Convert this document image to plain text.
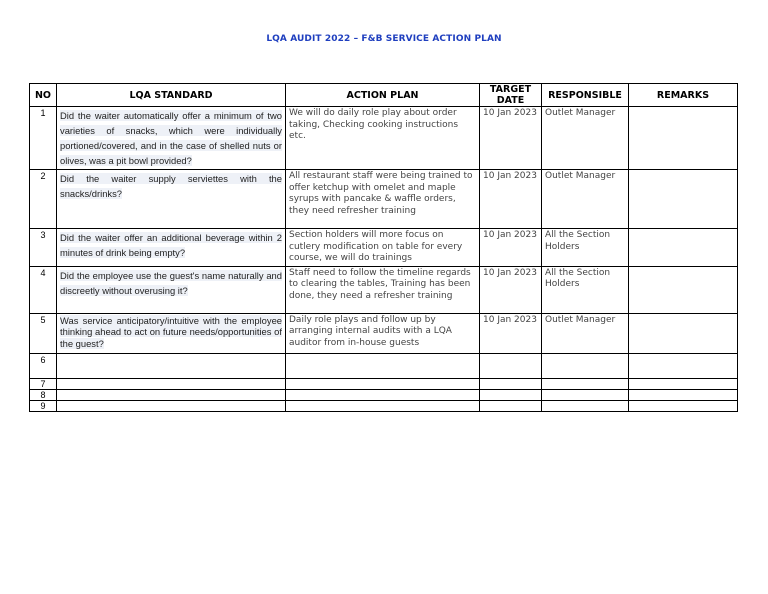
LQA AUDIT 2022 – F&B SERVICE ACTION PLAN
NO	LQA STANDARD	ACTION PLAN	TARGET DATE	RESPONSIBLE	REMARKS
1	Did the waiter automatically offer a minimum of two varieties of snacks, which were individually portioned/covered, and in the case of shelled nuts or olives, was a pit bowl provided?	We will do daily role play about order taking, Checking cooking instructions etc.	10 Jan 2023	Outlet Manager	
2	Did the waiter supply serviettes with the snacks/drinks?	All restaurant staff were being trained to offer ketchup with omelet and maple syrups with pancake & waffle orders, they need refresher training	10 Jan 2023	Outlet Manager	
3	Did the waiter offer an additional beverage within 2 minutes of drink being empty?	Section holders will more focus on cutlery modification on table for every course, we will do trainings	10 Jan 2023	All the Section Holders	
4	Did the employee use the guest's name naturally and discreetly without overusing it?	Staff need to follow the timeline regards to clearing the tables, Training has been done, they need a refresher training	10 Jan 2023	All the Section Holders	
5	Was service anticipatory/intuitive with the employee thinking ahead to act on future needs/opportunities of the guest?	Daily role plays and follow up by arranging internal audits with a LQA auditor from in-house guests	10 Jan 2023	Outlet Manager	
6					
7					
8					
9					
